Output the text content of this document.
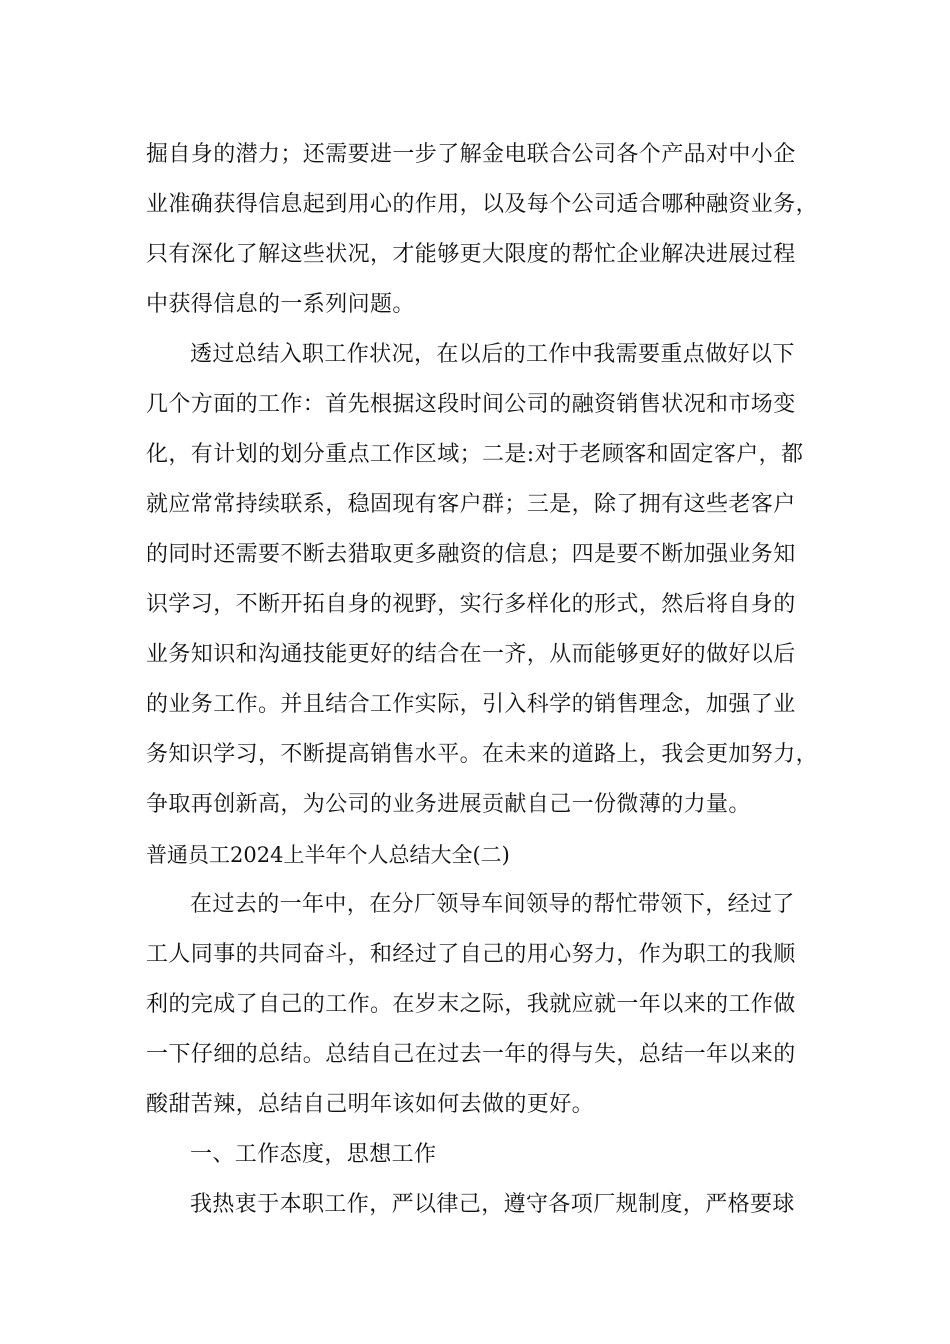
掘自身的潜力；还需要进一步了解金电联合公司各个产品对中小企
业准确获得信息起到用心的作用，以及每个公司适合哪种融资业务，
只有深化了解这些状况，才能够更大限度的帮忙企业解决进展过程
中获得信息的一系列问题。
透过总结入职工作状况，在以后的工作中我需要重点做好以下
几个方面的工作：首先根据这段时间公司的融资销售状况和市场变
化，有计划的划分重点工作区域；二是:对于老顾客和固定客户，都
就应常常持续联系，稳固现有客户群；三是，除了拥有这些老客户
的同时还需要不断去猎取更多融资的信息；四是要不断加强业务知
识学习，不断开拓自身的视野，实行多样化的形式，然后将自身的
业务知识和沟通技能更好的结合在一齐，从而能够更好的做好以后
的业务工作。并且结合工作实际，引入科学的销售理念，加强了业
务知识学习，不断提高销售水平。在未来的道路上，我会更加努力，
争取再创新高，为公司的业务进展贡献自己一份微薄的力量。
普通员工2024上半年个人总结大全(二)
在过去的一年中，在分厂领导车间领导的帮忙带领下，经过了
工人同事的共同奋斗，和经过了自己的用心努力，作为职工的我顺
利的完成了自己的工作。在岁末之际，我就应就一年以来的工作做
一下仔细的总结。总结自己在过去一年的得与失，总结一年以来的
酸甜苦辣，总结自己明年该如何去做的更好。
一、工作态度，思想工作
我热衷于本职工作，严以律己，遵守各项厂规制度，严格要球
